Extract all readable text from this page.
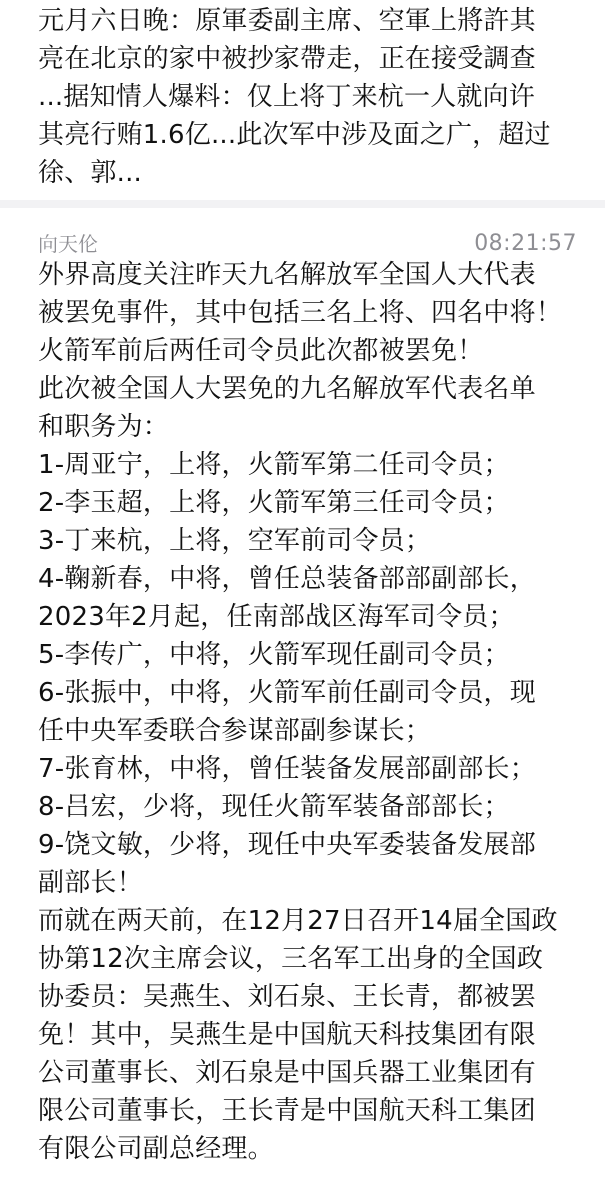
元月六日晚：原軍委副主席、空軍上將許其
亮在北京的家中被抄家帶走，正在接受調查
...据知情人爆料：仅上将丁来杭一人就向许
其亮行贿1.6亿...此次军中涉及面之广，超过
徐、郭...
向天伦	08:21:57
外界高度关注昨天九名解放军全国人大代表
被罢免事件，其中包括三名上将、四名中将！
火箭军前后两任司令员此次都被罢免！
此次被全国人大罢免的九名解放军代表名单
和职务为：
1-周亚宁，上将，火箭军第二任司令员；
2-李玉超，上将，火箭军第三任司令员；
3-丁来杭，上将，空军前司令员；
4-鞠新春，中将，曾任总装备部部副部长，
2023年2月起，任南部战区海军司令员；
5-李传广，中将，火箭军现任副司令员；
6-张振中，中将，火箭军前任副司令员，现
任中央军委联合参谋部副参谋长；
7-张育林，中将，曾任装备发展部副部长；
8-吕宏，少将，现任火箭军装备部部长；
9-饶文敏，少将，现任中央军委装备发展部
副部长！
而就在两天前，在12月27日召开14届全国政
协第12次主席会议，三名军工出身的全国政
协委员：吴燕生、刘石泉、王长青，都被罢
免！其中，吴燕生是中国航天科技集团有限
公司董事长、刘石泉是中国兵器工业集团有
限公司董事长，王长青是中国航天科工集团
有限公司副总经理。
